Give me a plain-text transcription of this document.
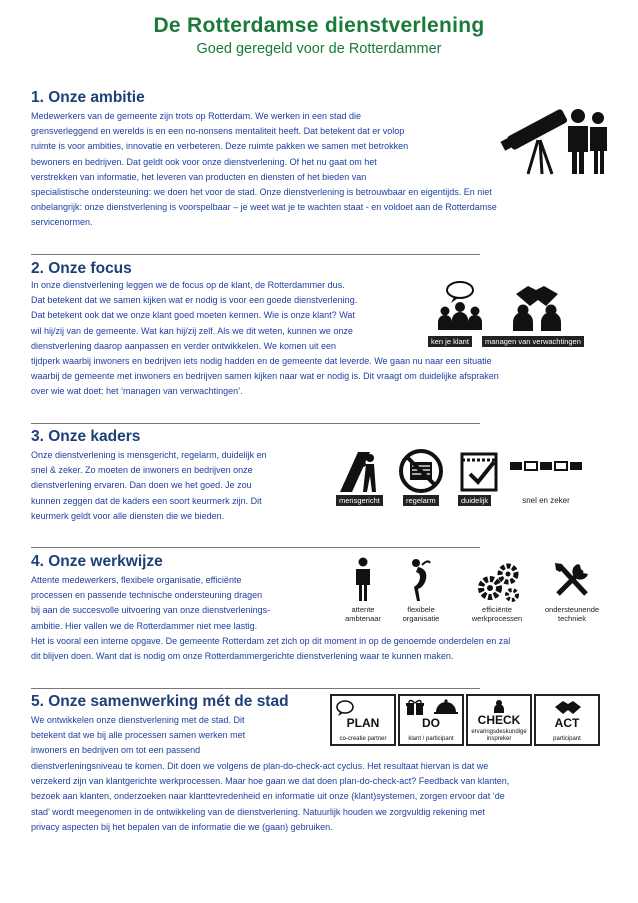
De Rotterdamse dienstverlening
Goed geregeld voor de Rotterdammer
1. Onze ambitie
Medewerkers van de gemeente zijn trots op Rotterdam. We werken in een stad die
grensverleggend en werelds is en een no-nonsens mentaliteit heeft. Dat betekent dat er volop
ruimte is voor ambities, innovatie en verbeteren. Deze ruimte pakken we samen met betrokken
bewoners en bedrijven. Dat geldt ook voor onze dienstverlening. Of het nu gaat om het
verstrekken van informatie, het leveren van producten en diensten of het bieden van
specialistische ondersteuning: we doen het voor de stad. Onze dienstverlening is betrouwbaar en eigentijds. En niet
onbelangrijk: onze dienstverlening is voorspelbaar – je weet wat je te wachten staat - en voldoet aan de Rotterdamse
servicenormen.
2. Onze focus
In onze dienstverlening leggen we de focus op de klant, de Rotterdammer dus.
Dat betekent dat we samen kijken wat er nodig is voor een goede dienstverlening.
Dat betekent ook dat we onze klant goed moeten kennen. Wie is onze klant? Wat
wil hij/zij van de gemeente. Wat kan hij/zij zelf. Als we dit weten, kunnen we onze
dienstverlening daarop aanpassen en verder ontwikkelen. We komen uit een
tijdperk waarbij inwoners en bedrijven iets nodig hadden en de gemeente dat leverde. We gaan nu naar een situatie
waarbij de gemeente met inwoners en bedrijven samen kijken naar wat er nodig is. Dit vraagt om duidelijke afspraken
over wie wat doet: het ‘managen van verwachtingen’.
ken je klant	managen van verwachtingen
3. Onze kaders
Onze dienstverlening is mensgericht, regelarm, duidelijk en
snel & zeker. Zo moeten de inwoners en bedrijven onze
dienstverlening ervaren. Dan doen we het goed. Je zou
kunnen zeggen dat de kaders een soort keurmerk zijn. Dit
keurmerk geldt voor alle diensten die we bieden.
mensgericht	regelarm	duidelijk	snel en zeker
4. Onze werkwijze
Attente medewerkers, flexibele organisatie, efficiënte
processen en passende technische ondersteuning dragen
bij aan de succesvolle uitvoering van onze dienstverlenings-
ambitie. Hier vallen we de Rotterdammer niet mee lastig.
Het is vooral een interne opgave. De gemeente Rotterdam zet zich op dit moment in op de genoemde onderdelen en zal
dit blijven doen. Want dat is nodig om onze Rotterdammergerichte dienstverlening waar te kunnen maken.
attente
ambtenaar
flexibele
organisatie
efficiënte
werkprocessen
ondersteunende
techniek
5. Onze samenwerking mét de stad
We ontwikkelen onze dienstverlening met de stad. Dit
betekent dat we bij alle processen samen werken met
inwoners en bedrijven om tot een passend
dienstverleningsniveau te komen. Dit doen we volgens de plan-do-check-act cyclus. Het resultaat hiervan is dat we
verzekerd zijn van klantgerichte werkprocessen. Maar hoe gaan we dat doen plan-do-check-act? Feedback van klanten,
bezoek aan klanten, onderzoeken naar klanttevredenheid en informatie uit onze (klant)systemen, zorgen ervoor dat ‘de
stad’ wordt meegenomen in de ontwikkeling van de dienstverlening. Natuurlijk houden we zorgvuldig rekening met
privacy aspecten bij het bepalen van de informatie die we (gaan) gebruiken.
PLAN
co-creatie partner
DO
klant / participant
CHECK
ervaringsdeskundige inspreker
ACT
participant
